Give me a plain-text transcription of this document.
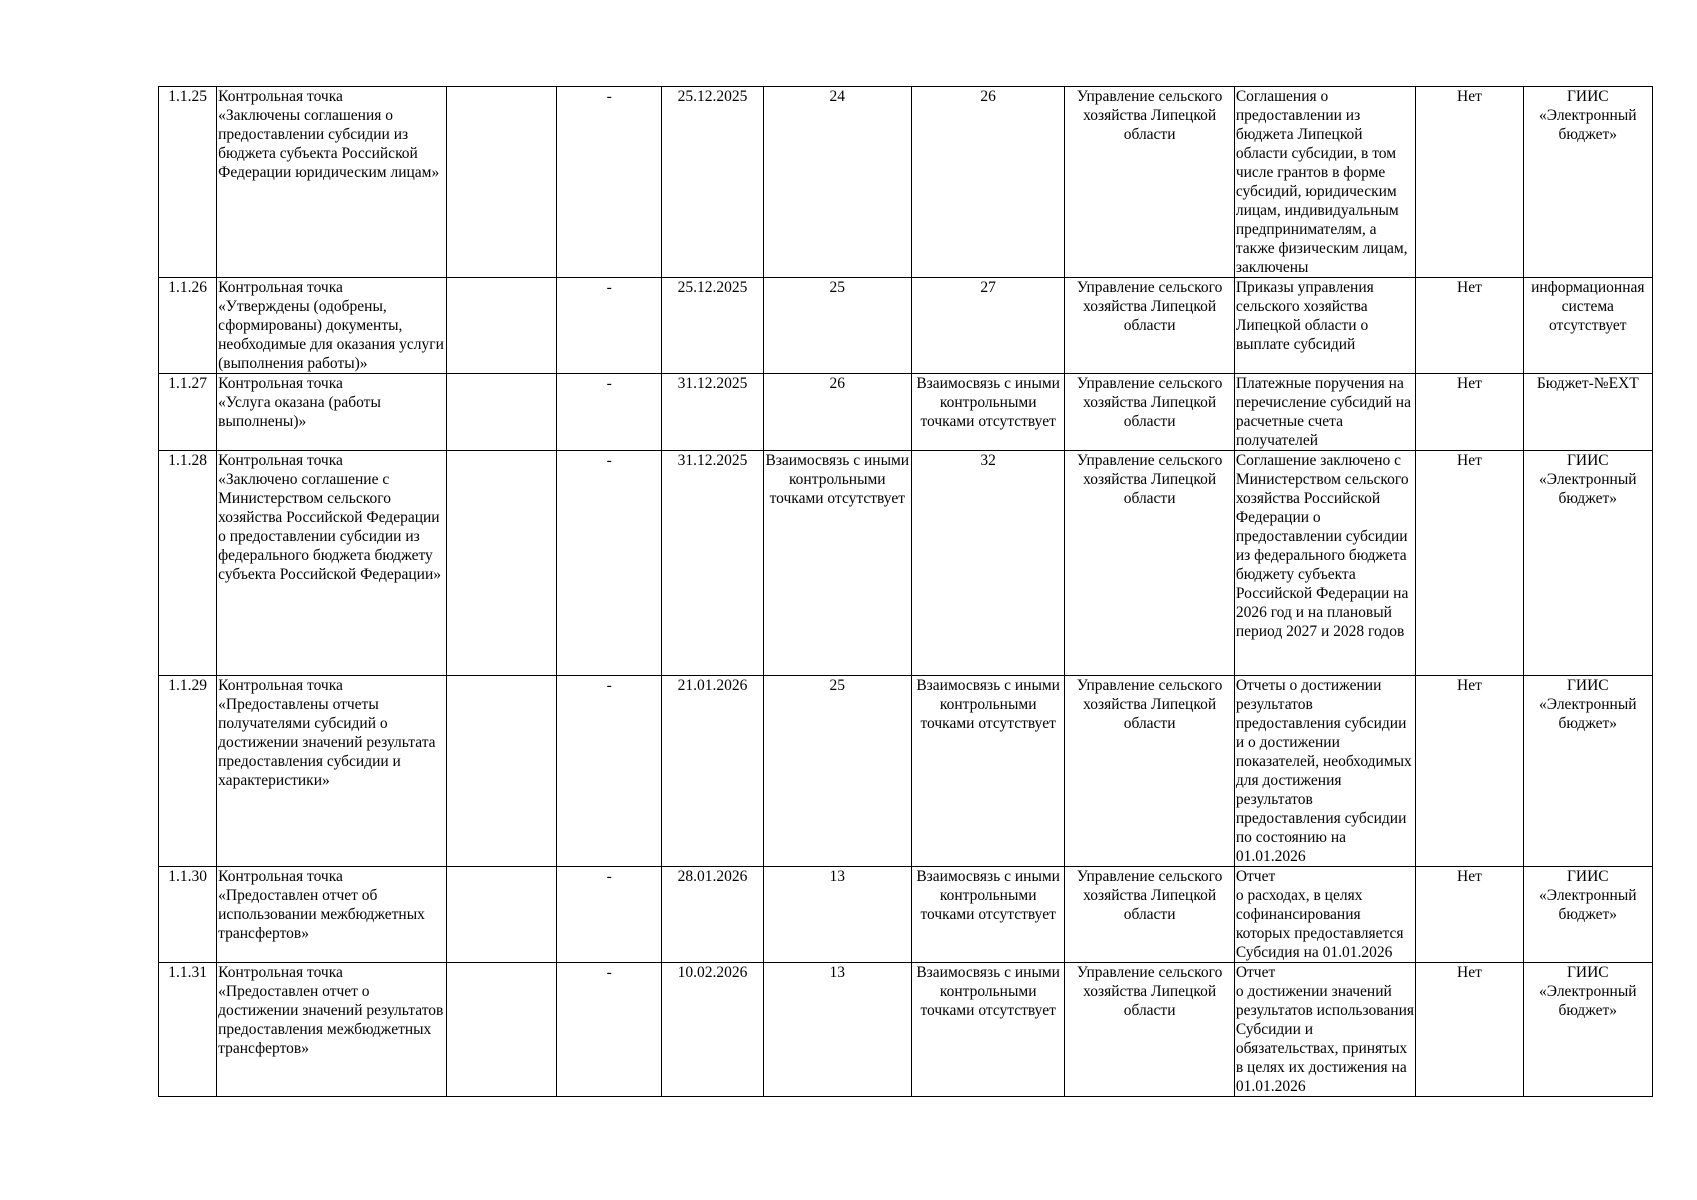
1.1.25	Контрольная точка
«Заключены соглашения о предоставлении субсидии из бюджета субъекта Российской Федерации юридическим лицам»		-	25.12.2025	24	26	Управление сельского хозяйства Липецкой области	Соглашения о предоставлении из бюджета Липецкой области субсидии, в том числе грантов в форме субсидий, юридическим лицам, индивидуальным предпринимателям, а также физическим лицам, заключены	Нет	ГИИС «Электронный бюджет»
1.1.26	Контрольная точка
«Утверждены (одобрены, сформированы) документы, необходимые для оказания услуги (выполнения работы)»		-	25.12.2025	25	27	Управление сельского хозяйства Липецкой области	Приказы управления сельского хозяйства Липецкой области о выплате субсидий	Нет	информационная система отсутствует
1.1.27	Контрольная точка
«Услуга оказана (работы выполнены)»		-	31.12.2025	26	Взаимосвязь с иными контрольными точками отсутствует	Управление сельского хозяйства Липецкой области	Платежные поручения на перечисление субсидий на расчетные счета получателей	Нет	Бюджет-№EXT
1.1.28	Контрольная точка
«Заключено соглашение с Министерством сельского хозяйства Российской Федерации о предоставлении субсидии из федерального бюджета бюджету субъекта Российской Федерации»		-	31.12.2025	Взаимосвязь с иными контрольными точками отсутствует	32	Управление сельского хозяйства Липецкой области	Соглашение заключено с Министерством сельского хозяйства Российской Федерации о предоставлении субсидии из федерального бюджета бюджету субъекта Российской Федерации на 2026 год и на плановый период 2027 и 2028 годов	Нет	ГИИС «Электронный бюджет»
1.1.29	Контрольная точка
«Предоставлены отчеты получателями субсидий о достижении значений результата предоставления субсидии и характеристики»		-	21.01.2026	25	Взаимосвязь с иными контрольными точками отсутствует	Управление сельского хозяйства Липецкой области	Отчеты о достижении результатов предоставления субсидии и о достижении показателей, необходимых для достижения результатов предоставления субсидии по состоянию на 01.01.2026	Нет	ГИИС «Электронный бюджет»
1.1.30	Контрольная точка
«Предоставлен отчет об использовании межбюджетных трансфертов»		-	28.01.2026	13	Взаимосвязь с иными контрольными точками отсутствует	Управление сельского хозяйства Липецкой области	Отчет
о расходах, в целях софинансирования которых предоставляется Субсидия на 01.01.2026	Нет	ГИИС «Электронный бюджет»
1.1.31	Контрольная точка
«Предоставлен отчет о достижении значений результатов предоставления межбюджетных трансфертов»		-	10.02.2026	13	Взаимосвязь с иными контрольными точками отсутствует	Управление сельского хозяйства Липецкой области	Отчет
о достижении значений результатов использования Субсидии и обязательствах, принятых в целях их достижения на 01.01.2026	Нет	ГИИС «Электронный бюджет»
